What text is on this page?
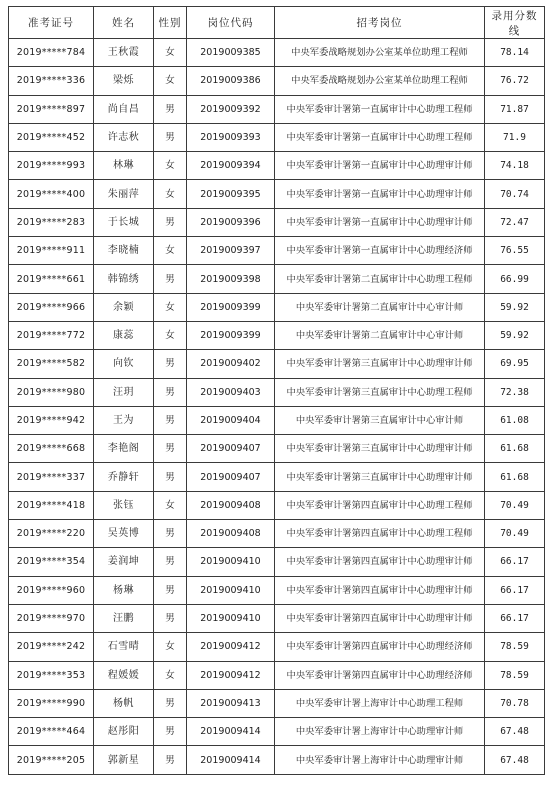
准考证号	姓名	性别	岗位代码	招考岗位	录用分数线
2019*****784	王秋霞	女	2019009385	中央军委战略规划办公室某单位助理工程师	78.14
2019*****336	梁烁	女	2019009386	中央军委战略规划办公室某单位助理工程师	76.72
2019*****897	尚自昌	男	2019009392	中央军委审计署第一直属审计中心助理工程师	71.87
2019*****452	许志秋	男	2019009393	中央军委审计署第一直属审计中心助理工程师	71.9
2019*****993	林琳	女	2019009394	中央军委审计署第一直属审计中心助理审计师	74.18
2019*****400	朱丽萍	女	2019009395	中央军委审计署第一直属审计中心助理审计师	70.74
2019*****283	于长城	男	2019009396	中央军委审计署第一直属审计中心助理审计师	72.47
2019*****911	李晓楠	女	2019009397	中央军委审计署第一直属审计中心助理经济师	76.55
2019*****661	韩锦绣	男	2019009398	中央军委审计署第二直属审计中心助理工程师	66.99
2019*****966	余颖	女	2019009399	中央军委审计署第二直属审计中心审计师	59.92
2019*****772	康蕊	女	2019009399	中央军委审计署第二直属审计中心审计师	59.92
2019*****582	向钦	男	2019009402	中央军委审计署第三直属审计中心助理审计师	69.95
2019*****980	汪玥	男	2019009403	中央军委审计署第三直属审计中心助理工程师	72.38
2019*****942	王为	男	2019009404	中央军委审计署第三直属审计中心审计师	61.08
2019*****668	李艳阁	男	2019009407	中央军委审计署第三直属审计中心助理审计师	61.68
2019*****337	乔静轩	男	2019009407	中央军委审计署第三直属审计中心助理审计师	61.68
2019*****418	张钰	女	2019009408	中央军委审计署第四直属审计中心助理工程师	70.49
2019*****220	吴英博	男	2019009408	中央军委审计署第四直属审计中心助理工程师	70.49
2019*****354	姜润坤	男	2019009410	中央军委审计署第四直属审计中心助理审计师	66.17
2019*****960	杨琳	男	2019009410	中央军委审计署第四直属审计中心助理审计师	66.17
2019*****970	汪鹏	男	2019009410	中央军委审计署第四直属审计中心助理审计师	66.17
2019*****242	石雪晴	女	2019009412	中央军委审计署第四直属审计中心助理经济师	78.59
2019*****353	程媛媛	女	2019009412	中央军委审计署第四直属审计中心助理经济师	78.59
2019*****990	杨帆	男	2019009413	中央军委审计署上海审计中心助理工程师	70.78
2019*****464	赵彤阳	男	2019009414	中央军委审计署上海审计中心助理审计师	67.48
2019*****205	郭新星	男	2019009414	中央军委审计署上海审计中心助理审计师	67.48
